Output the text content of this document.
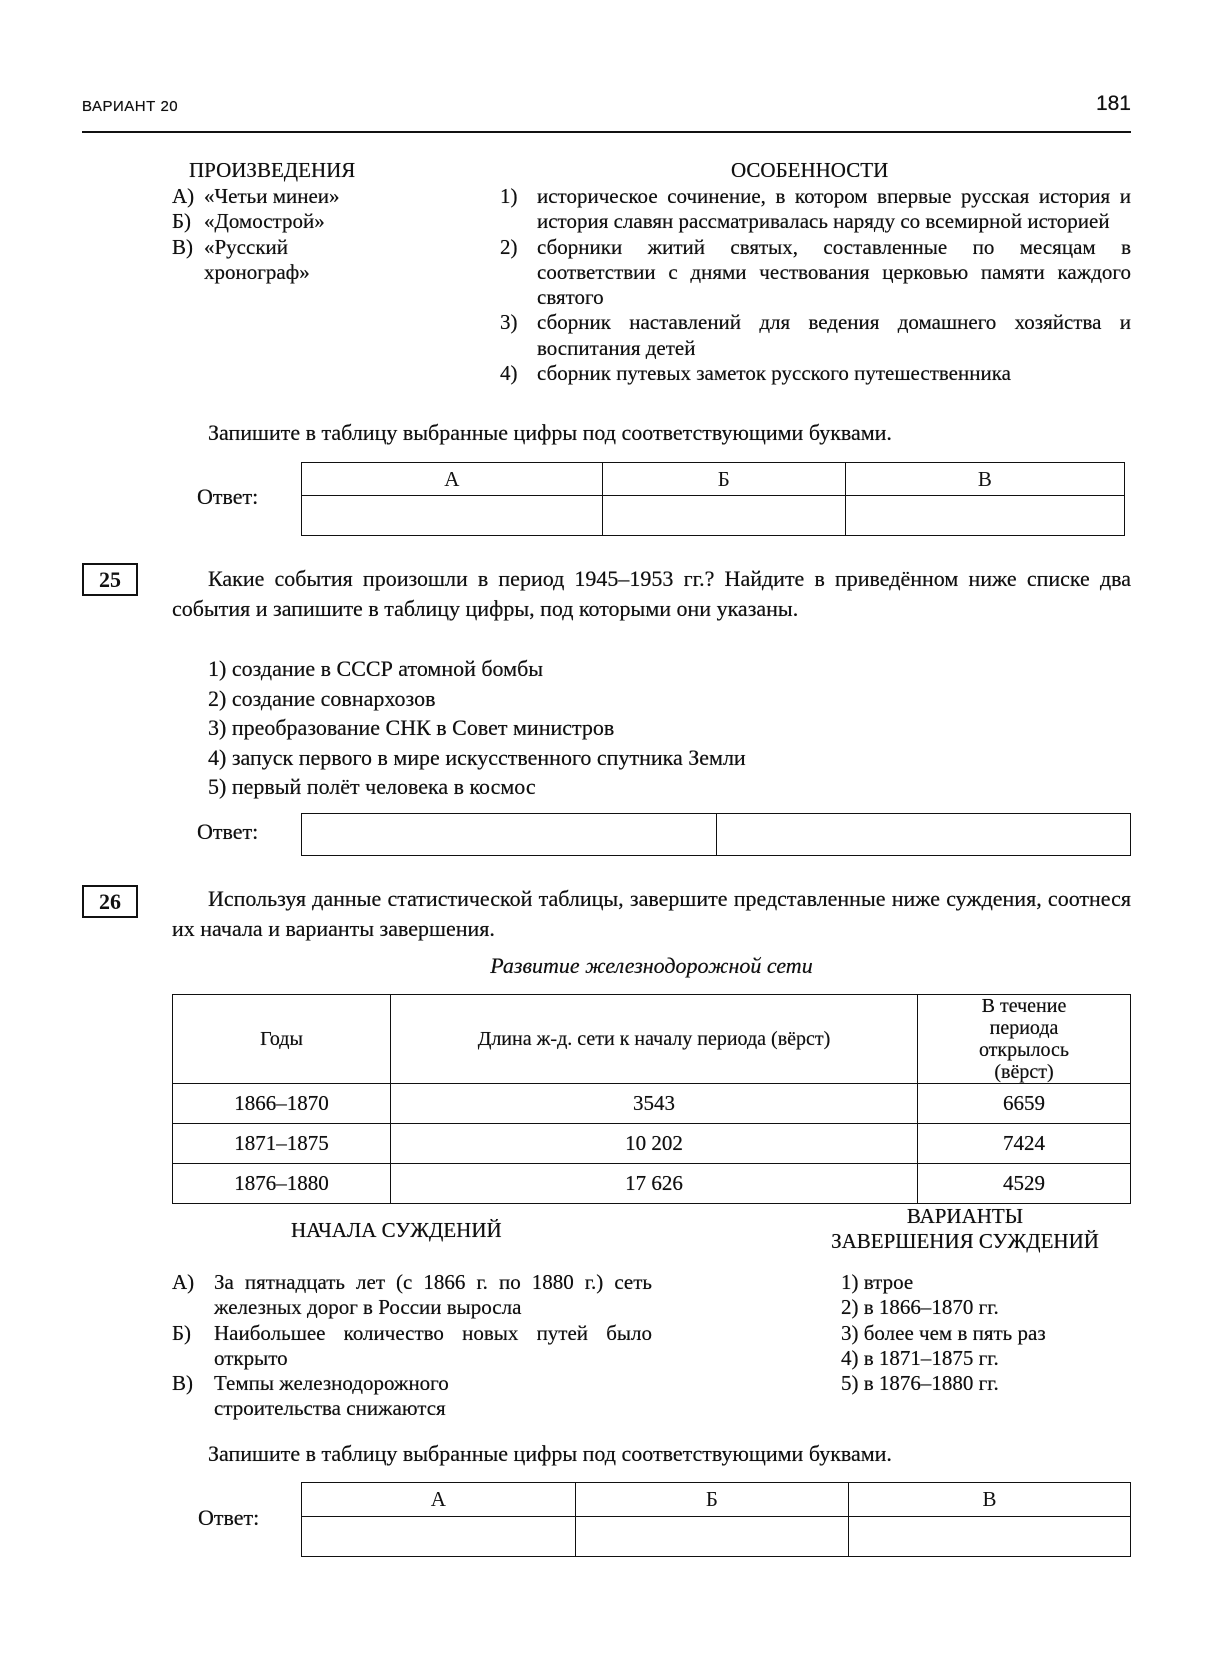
ВАРИАНТ 20	181
ПРОИЗВЕДЕНИЯ
А) «Четьи минеи»
Б) «Домострой»
В) «Русский хронограф»
ОСОБЕННОСТИ
1) историческое сочинение, в котором впервые русская история и история славян рассматривалась наряду со всемирной историей
2) сборники житий святых, составленные по месяцам в соответствии с днями чествования церковью памяти каждого святого
3) сборник наставлений для ведения домашнего хозяйства и воспитания детей
4) сборник путевых заметок русского путешественника
Запишите в таблицу выбранные цифры под соответствующими буквами.
Ответ:
А	Б	В

25	Какие события произошли в период 1945–1953 гг.? Найдите в приведённом ниже списке два события и запишите в таблицу цифры, под которыми они указаны.
1) создание в СССР атомной бомбы
2) создание совнархозов
3) преобразование СНК в Совет министров
4) запуск первого в мире искусственного спутника Земли
5) первый полёт человека в космос
Ответ:

26	Используя данные статистической таблицы, завершите представленные ниже суждения, соотнеся их начала и варианты завершения.
Развитие железнодорожной сети
Годы	Длина ж-д. сети к началу периода (вёрст)	В течение периода открылось (вёрст)
1866–1870	3543	6659
1871–1875	10 202	7424
1876–1880	17 626	4529
НАЧАЛА СУЖДЕНИЙ
ВАРИАНТЫ
ЗАВЕРШЕНИЯ СУЖДЕНИЙ
А) За пятнадцать лет (с 1866 г. по 1880 г.) сеть железных дорог в России выросла
Б)	Наибольшее количество новых путей было открыто
В)	Темпы железнодорожного строительства снижаются
1) втрое
2) в 1866–1870 гг.
3) более чем в пять раз
4) в 1871–1875 гг.
5) в 1876–1880 гг.
Запишите в таблицу выбранные цифры под соответствующими буквами.
Ответ:
А	Б	В
